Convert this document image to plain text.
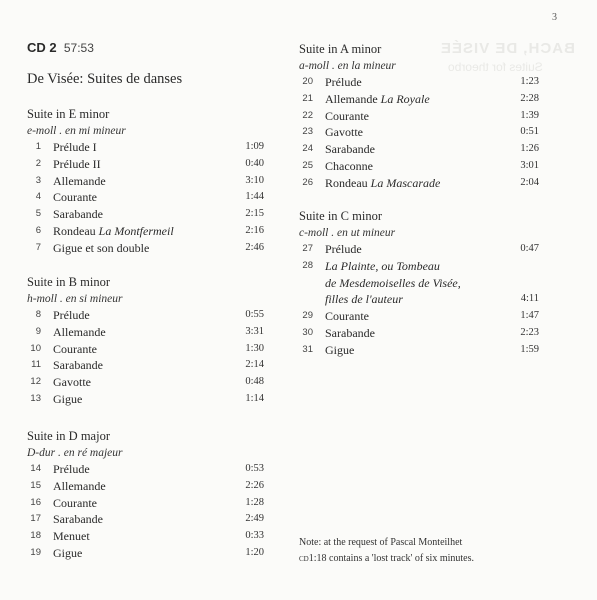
3
BACH, DE VISÉE
Suites for theorbo
CD 2 57:53
De Visée: Suites de danses
Suite in E minor
e-moll . en mi mineur
1 Prélude I	1:09
2 Prélude II	0:40
3 Allemande	3:10
4 Courante	1:44
5 Sarabande	2:15
6 Rondeau La Montfermeil	2:16
7 Gigue et son double	2:46
Suite in B minor
h-moll . en si mineur
8 Prélude	0:55
9 Allemande	3:31
10 Courante	1:30
11 Sarabande	2:14
12 Gavotte	0:48
13 Gigue	1:14
Suite in D major
D-dur . en ré majeur
14 Prélude	0:53
15 Allemande	2:26
16 Courante	1:28
17 Sarabande	2:49
18 Menuet	0:33
19 Gigue	1:20
Suite in A minor
a-moll . en la mineur
20 Prélude	1:23
21 Allemande La Royale	2:28
22 Courante	1:39
23 Gavotte	0:51
24 Sarabande	1:26
25 Chaconne	3:01
26 Rondeau La Mascarade	2:04
Suite in C minor
c-moll . en ut mineur
27 Prélude	0:47
28 La Plainte, ou Tombeau
de Mesdemoiselles de Visée,
filles de l'auteur	4:11
29 Courante	1:47
30 Sarabande	2:23
31 Gigue	1:59
Note: at the request of Pascal Monteilhet
cd1:18 contains a 'lost track' of six minutes.
